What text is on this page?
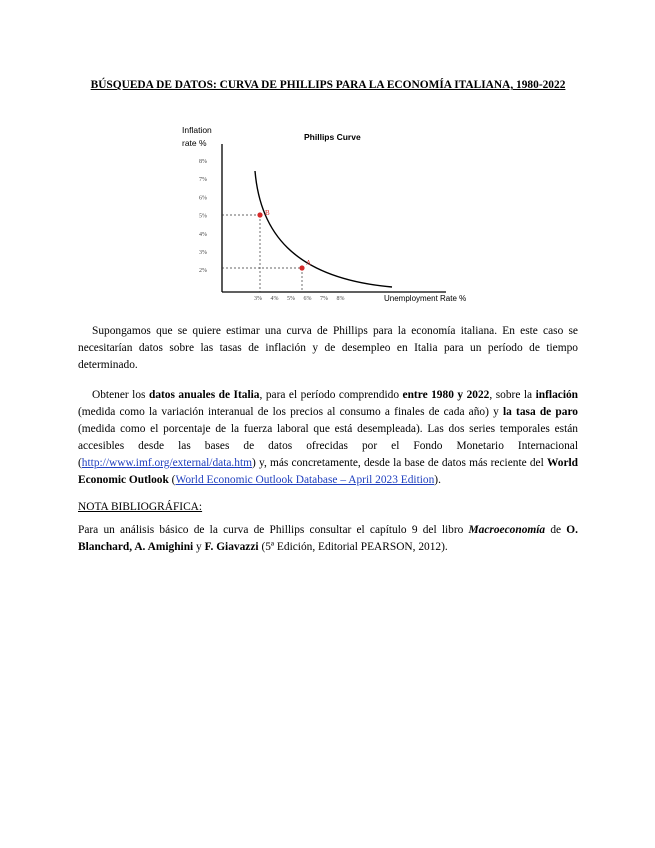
BÚSQUEDA DE DATOS: CURVA DE PHILLIPS PARA LA ECONOMÍA ITALIANA, 1980-2022
Inflation
rate %
Phillips Curve
8%
7%
6%
5%
4%
3%
2%
3% 4% 5% 6% 7% 8%
B
A
Unemployment Rate %

Supongamos que se quiere estimar una curva de Phillips para la economía italiana. En este caso se necesitarían datos sobre las tasas de inflación y de desempleo en Italia para un período de tiempo determinado.

Obtener los datos anuales de Italia, para el período comprendido entre 1980 y 2022, sobre la inflación (medida como la variación interanual de los precios al consumo a finales de cada año) y la tasa de paro (medida como el porcentaje de la fuerza laboral que está desempleada). Las dos series temporales están accesibles desde las bases de datos ofrecidas por el Fondo Monetario Internacional (http://www.imf.org/external/data.htm) y, más concretamente, desde la base de datos más reciente del World Economic Outlook (World Economic Outlook Database – April 2023 Edition).

NOTA BIBLIOGRÁFICA:

Para un análisis básico de la curva de Phillips consultar el capítulo 9 del libro Macroeconomía de O. Blanchard, A. Amighini y F. Giavazzi (5ª Edición, Editorial PEARSON, 2012).
